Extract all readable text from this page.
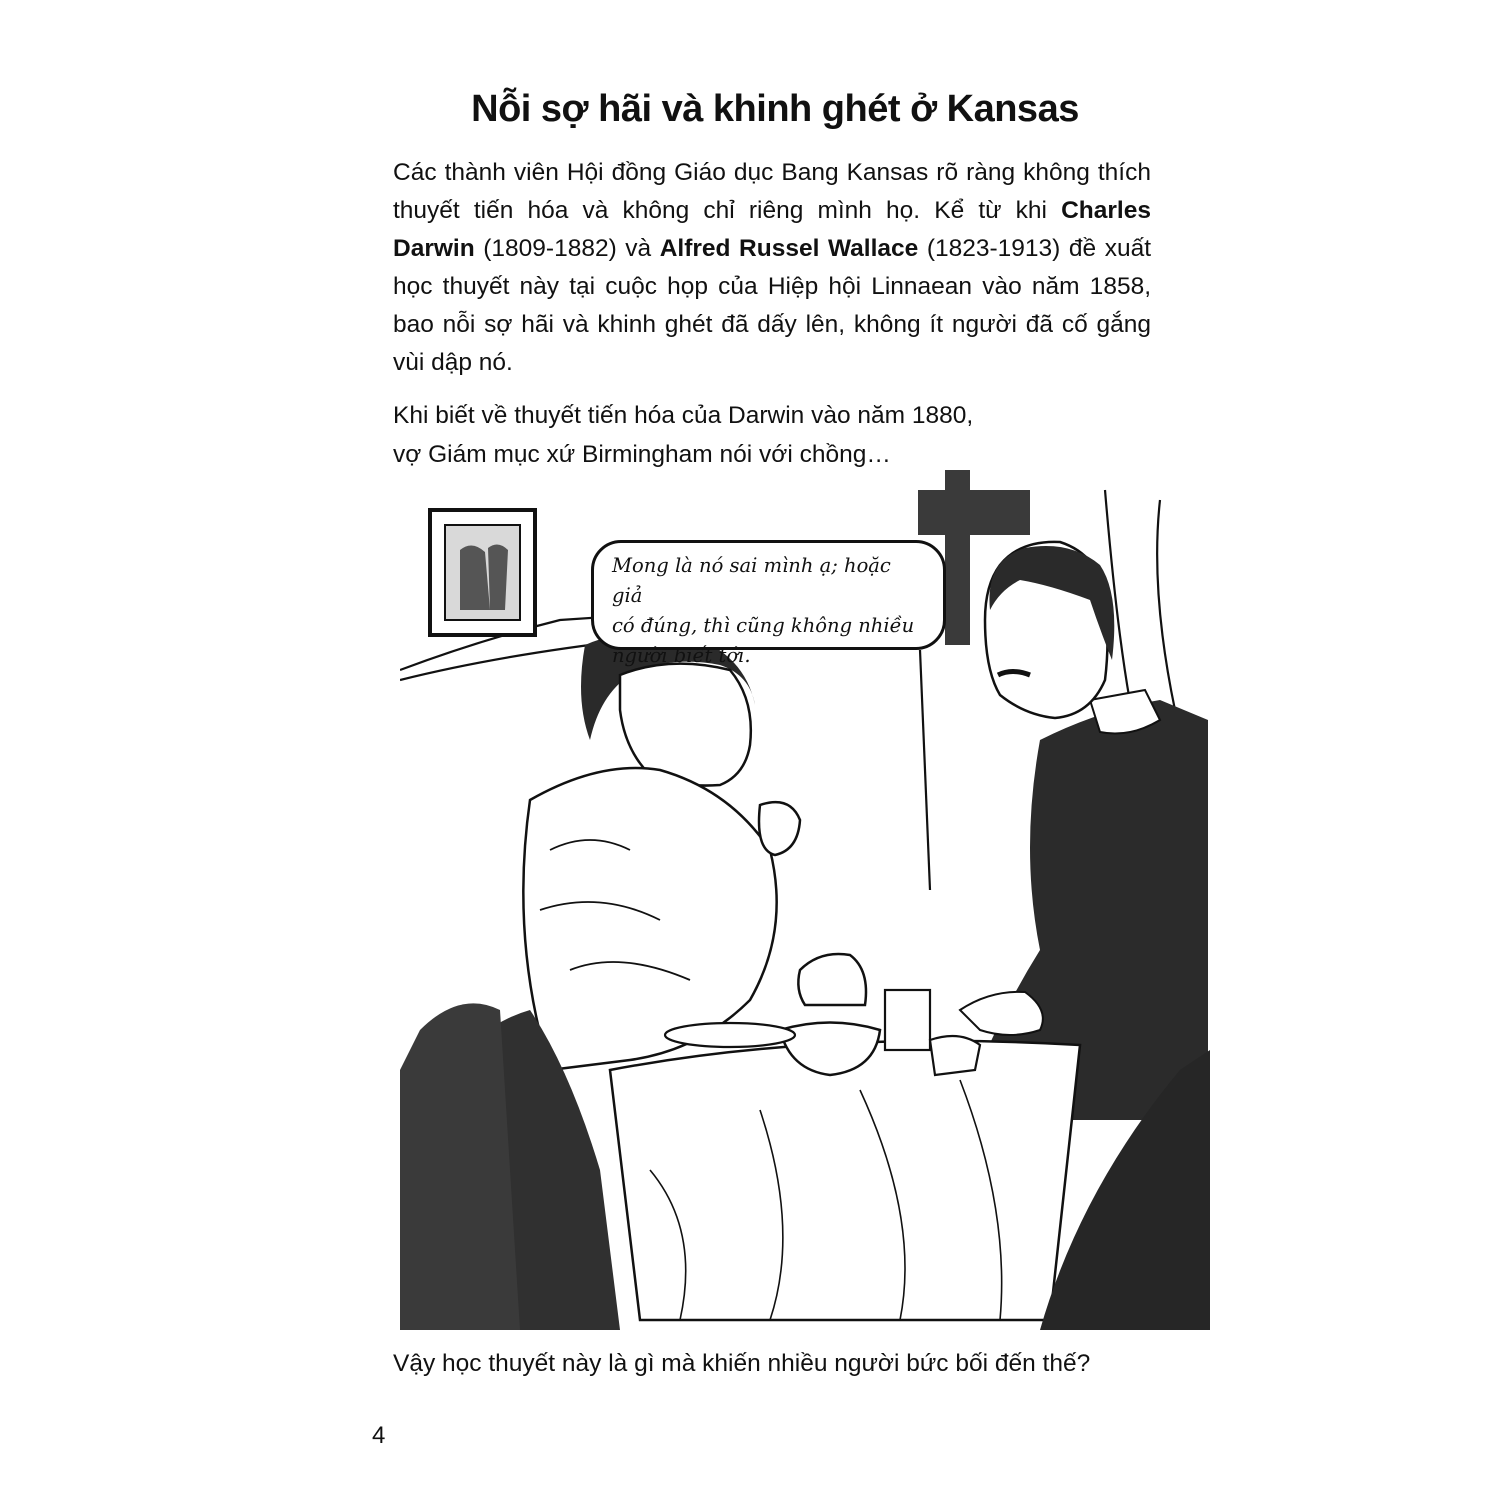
Nỗi sợ hãi và khinh ghét ở Kansas
Các thành viên Hội đồng Giáo dục Bang Kansas rõ ràng không thích thuyết tiến hóa và không chỉ riêng mình họ. Kể từ khi Charles Darwin (1809-1882) và Alfred Russel Wallace (1823-1913) đề xuất học thuyết này tại cuộc họp của Hiệp hội Linnaean vào năm 1858, bao nỗi sợ hãi và khinh ghét đã dấy lên, không ít người đã cố gắng vùi dập nó.
Khi biết về thuyết tiến hóa của Darwin vào năm 1880,
vợ Giám mục xứ Birmingham nói với chồng…
Mong là nó sai mình ạ; hoặc giả
có đúng, thì cũng không nhiều
người biết tới.
Vậy học thuyết này là gì mà khiến nhiều người bức bối đến thế?
4
